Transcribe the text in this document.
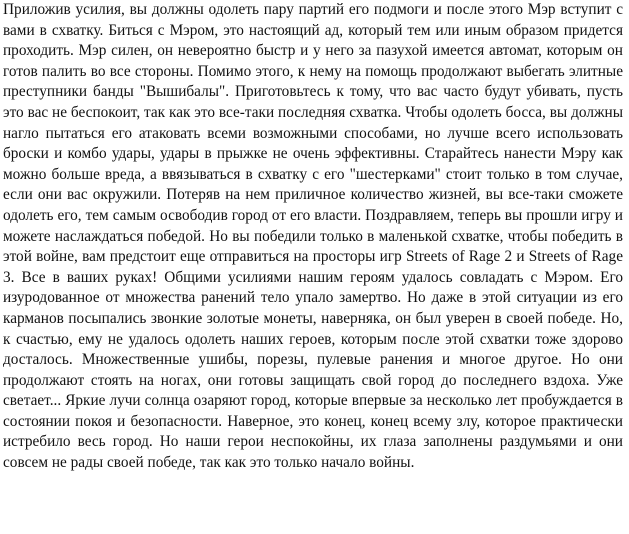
Приложив усилия, вы должны одолеть пару партий его подмоги и после этого Мэр вступит с вами в схватку. Биться с Мэром, это настоящий ад, который тем или иным образом придется проходить. Мэр силен, он невероятно быстр и у него за пазухой имеется автомат, которым он готов палить во все стороны. Помимо этого, к нему на помощь продолжают выбегать элитные преступники банды "Вышибалы". Приготовьтесь к тому, что вас часто будут убивать, пусть это вас не беспокоит, так как это все-таки последняя схватка. Чтобы одолеть босса, вы должны нагло пытаться его атаковать всеми возможными способами, но лучше всего использовать броски и комбо удары, удары в прыжке не очень эффективны. Старайтесь нанести Мэру как можно больше вреда, а ввязываться в схватку с его "шестерками" стоит только в том случае, если они вас окружили. Потеряв на нем приличное количество жизней, вы все-таки сможете одолеть его, тем самым освободив город от его власти. Поздравляем, теперь вы прошли игру и можете наслаждаться победой. Но вы победили только в маленькой схватке, чтобы победить в этой войне, вам предстоит еще отправиться на просторы игр Streets of Rage 2 и Streets of Rage 3. Все в ваших руках! Общими усилиями нашим героям удалось совладать с Мэром. Его изуродованное от множества ранений тело упало замертво. Но даже в этой ситуации из его карманов посыпались звонкие золотые монеты, наверняка, он был уверен в своей победе. Но, к счастью, ему не удалось одолеть наших героев, которым после этой схватки тоже здорово досталось. Множественные ушибы, порезы, пулевые ранения и многое другое. Но они продолжают стоять на ногах, они готовы защищать свой город до последнего вздоха. Уже светает... Яркие лучи солнца озаряют город, которые впервые за несколько лет пробуждается в состоянии покоя и безопасности. Наверное, это конец, конец всему злу, которое практически истребило весь город. Но наши герои неспокойны, их глаза заполнены раздумьями и они совсем не рады своей победе, так как это только начало войны.
